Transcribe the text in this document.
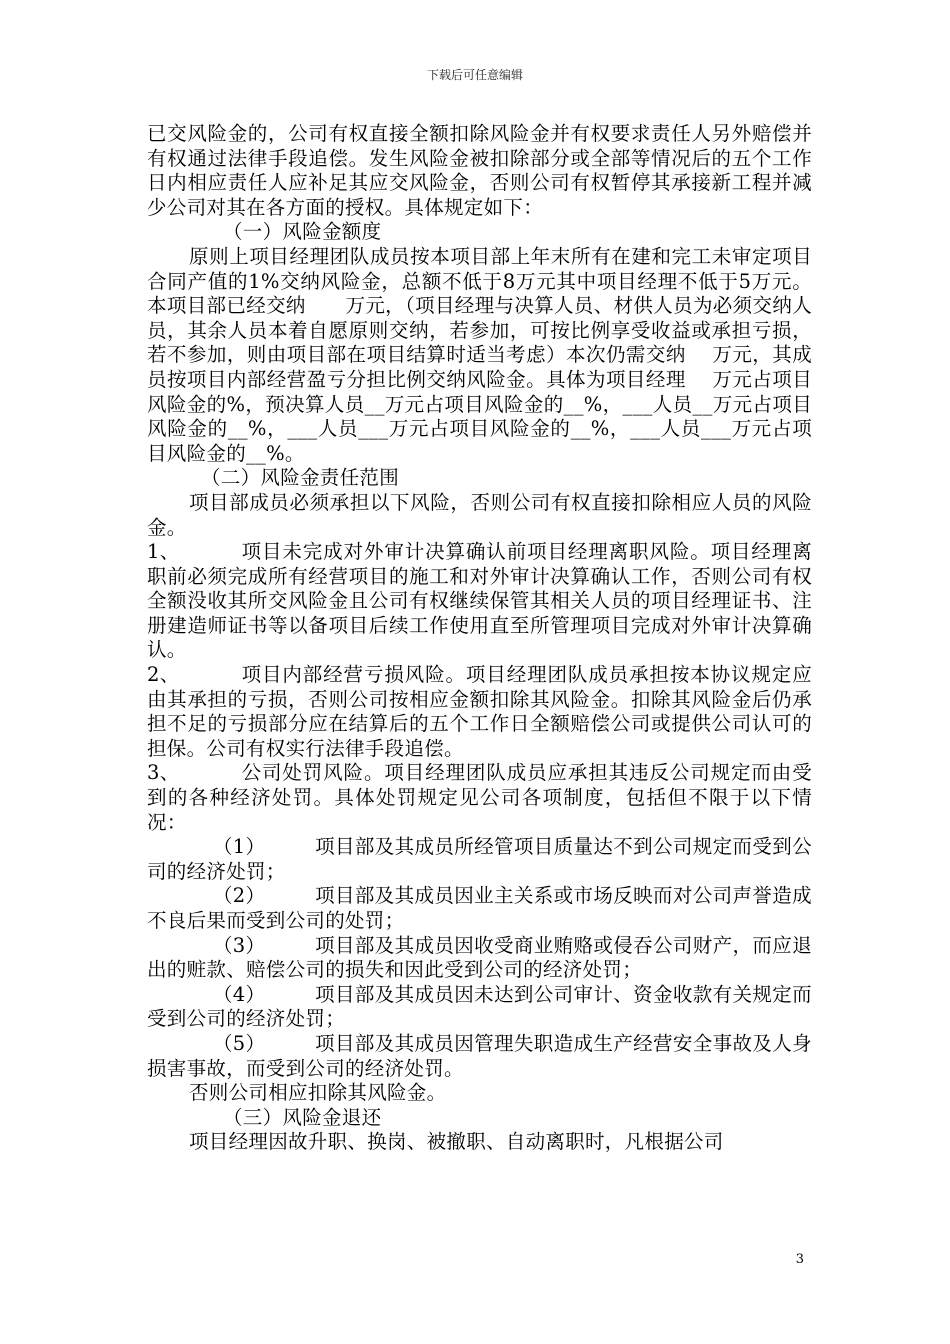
下载后可任意编辑

已交风险金的，公司有权直接全额扣除风险金并有权要求责任人另外赔偿并有权通过法律手段追偿。发生风险金被扣除部分或全部等情况后的五个工作日内相应责任人应补足其应交风险金，否则公司有权暂停其承接新工程并减少公司对其在各方面的授权。具体规定如下：

（一）风险金额度

原则上项目经理团队成员按本项目部上年末所有在建和完工未审定项目合同产值的1%交纳风险金，总额不低于8万元其中项目经理不低于5万元。本项目部已经交纳　　万元，（项目经理与决算人员、材供人员为必须交纳人员，其余人员本着自愿原则交纳，若参加，可按比例享受收益或承担亏损，若不参加，则由项目部在项目结算时适当考虑）本次仍需交纳　 万元，其成员按项目内部经营盈亏分担比例交纳风险金。具体为项目经理　 万元占项目风险金的%，预决算人员__万元占项目风险金的__%，___人员__万元占项目风险金的__%，___人员___万元占项目风险金的__%，___人员___万元占项目风险金的__%。

（二）风险金责任范围

项目部成员必须承担以下风险，否则公司有权直接扣除相应人员的风险金。

1、	项目未完成对外审计决算确认前项目经理离职风险。项目经理离职前必须完成所有经营项目的施工和对外审计决算确认工作，否则公司有权全额没收其所交风险金且公司有权继续保管其相关人员的项目经理证书、注册建造师证书等以备项目后续工作使用直至所管理项目完成对外审计决算确认。

2、	项目内部经营亏损风险。项目经理团队成员承担按本协议规定应由其承担的亏损，否则公司按相应金额扣除其风险金。扣除其风险金后仍承担不足的亏损部分应在结算后的五个工作日全额赔偿公司或提供公司认可的担保。公司有权实行法律手段追偿。

3、	公司处罚风险。项目经理团队成员应承担其违反公司规定而由受到的各种经济处罚。具体处罚规定见公司各项制度，包括但不限于以下情况：

（1）	项目部及其成员所经管项目质量达不到公司规定而受到公司的经济处罚；

（2）	项目部及其成员因业主关系或市场反映而对公司声誉造成不良后果而受到公司的处罚；

（3）	项目部及其成员因收受商业贿赂或侵吞公司财产，而应退出的赃款、赔偿公司的损失和因此受到公司的经济处罚；

（4）	项目部及其成员因未达到公司审计、资金收款有关规定而受到公司的经济处罚；

（5）	项目部及其成员因管理失职造成生产经营安全事故及人身损害事故，而受到公司的经济处罚。

否则公司相应扣除其风险金。

（三）风险金退还

项目经理因故升职、换岗、被撤职、自动离职时，凡根据公司

3
